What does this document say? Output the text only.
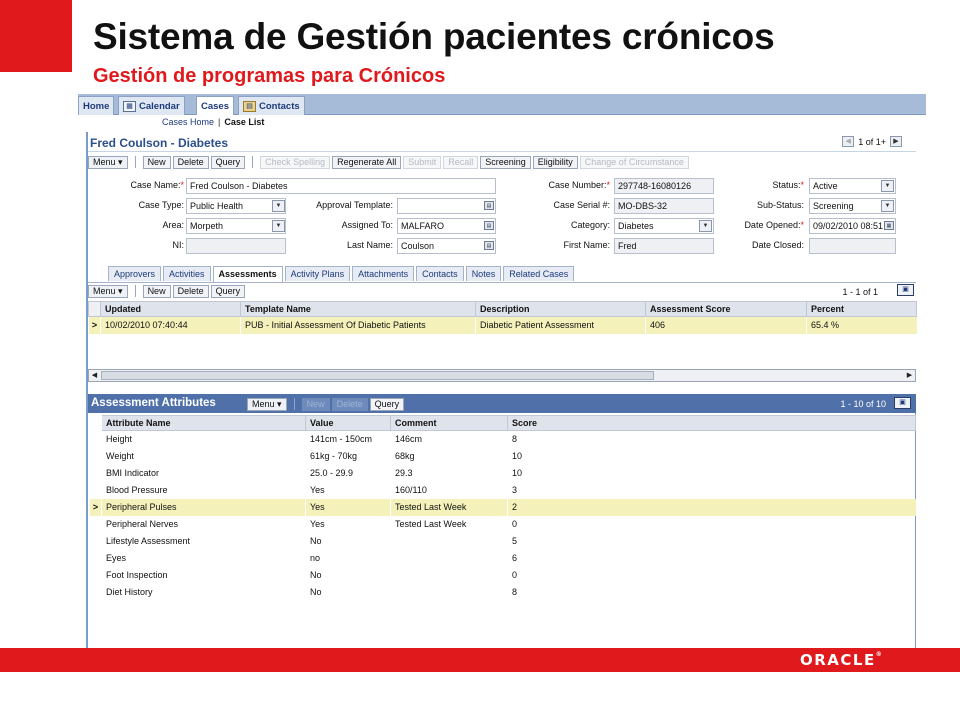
Sistema de Gestión pacientes crónicos
Gestión de programas para Crónicos
Home	▦ Calendar Cases	▤ Contacts
Cases Home | Case List
Fred Coulson - Diabetes	◀ 1 of 1+	▶
Menu ▾	New	Delete	Query	Check Spelling	Regenerate All	Submit	Recall	Screening	Eligibility	Change of Circumstance
Case Name:* Fred Coulson - Diabetes
Case Type: Public Health	▼
Area: Morpeth	▼
NI:
Approval Template:	▤
Assigned To: MALFARO	▤
Last Name: Coulson	▤
Case Number:* 297748-16080126
Case Serial #: MO-DBS-32
Category: Diabetes	▼
First Name: Fred
Status:*	Active	▼
Sub-Status:	Screening	▼
Date Opened:*	09/02/2010 08:51 ▦
Date Closed:
Approvers	Activities	Assessments	Activity Plans	Attachments	Contacts	Notes	Related Cases
Menu ▾	New	Delete	Query	1 - 1 of 1	▣
	Updated	Template Name	Description	Assessment Score	Percent
>	10/02/2010 07:40:44	PUB - Initial Assessment Of Diabetic Patients	Diabetic Patient Assessment	406	65.4 %
◀	▶
Assessment Attributes	Menu ▾	New	Delete	Query	1 - 10 of 10	▣
	Attribute Name	Value	Comment	Score
	Height	141cm - 150cm	146cm	8
	Weight	61kg - 70kg	68kg	10
	BMI Indicator	25.0 - 29.9	29.3	10
	Blood Pressure	Yes	160/110	3
>	Peripheral Pulses	Yes	Tested Last Week	2
	Peripheral Nerves	Yes	Tested Last Week	0
	Lifestyle Assessment	No		5
	Eyes	no		6
	Foot Inspection	No		0
	Diet History	No		8
ORACLE®
